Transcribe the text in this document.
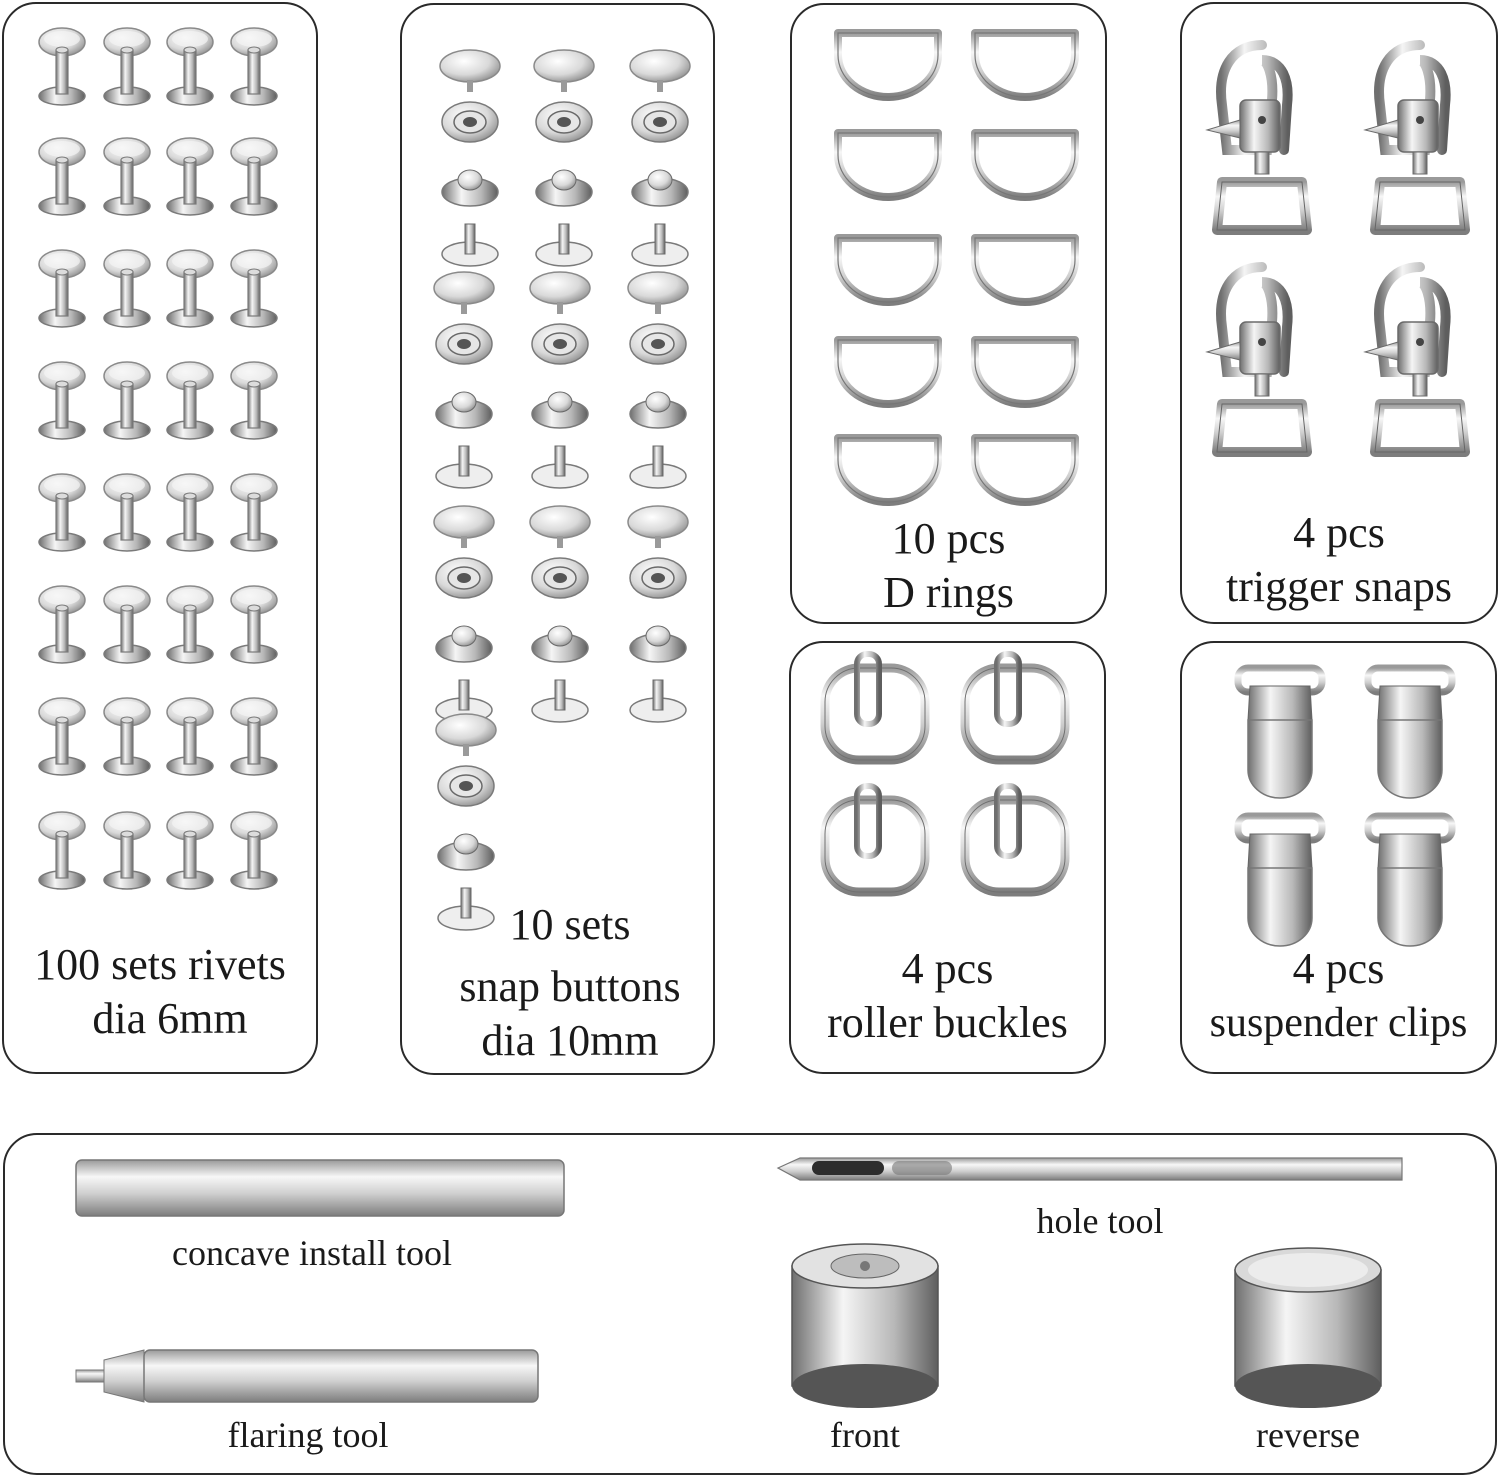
100 sets rivets
dia 6mm
10 sets
snap buttons
dia 10mm
10 pcs
D rings
4 pcs
trigger snaps
4 pcs
roller buckles
4 pcs
suspender clips
concave install tool
hole tool
flaring tool	front	reverse
